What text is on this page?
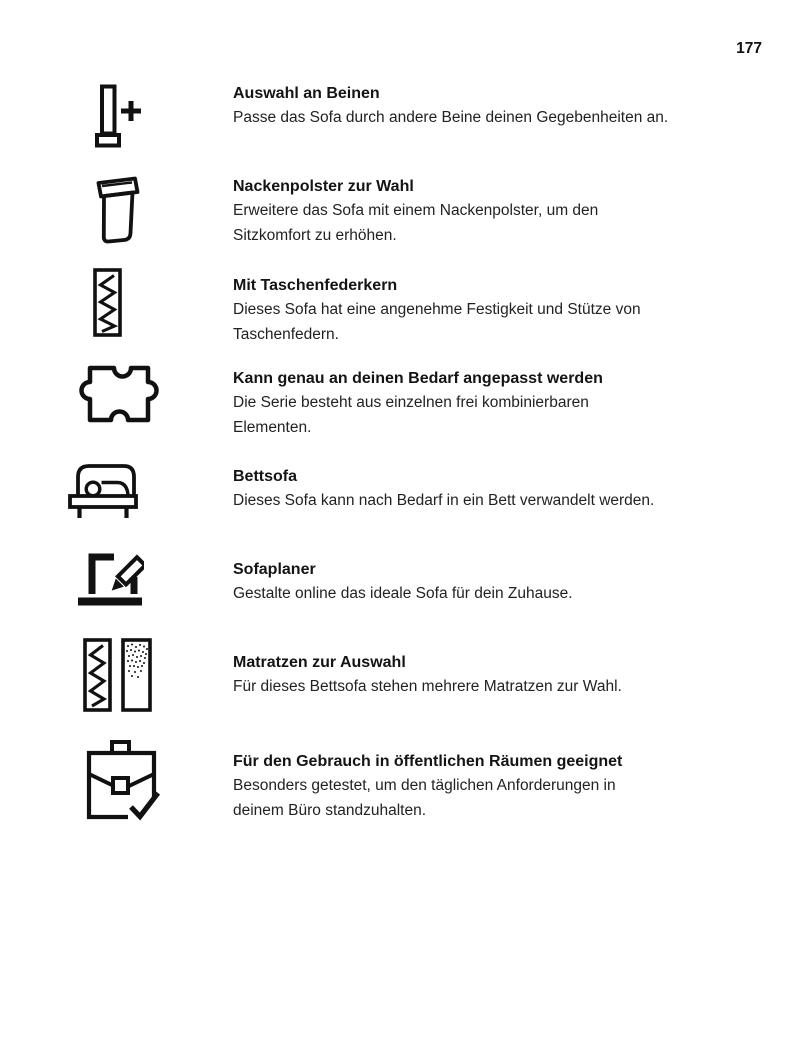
177
Auswahl an Beinen
Passe das Sofa durch andere Beine deinen Gegebenheiten an.
Nackenpolster zur Wahl
Erweitere das Sofa mit einem Nackenpolster, um den
Sitzkomfort zu erhöhen.
Mit Taschenfederkern
Dieses Sofa hat eine angenehme Festigkeit und Stütze von
Taschenfedern.
Kann genau an deinen Bedarf angepasst werden
Die Serie besteht aus einzelnen frei kombinierbaren
Elementen.
Bettsofa
Dieses Sofa kann nach Bedarf in ein Bett verwandelt werden.
Sofaplaner
Gestalte online das ideale Sofa für dein Zuhause.
Matratzen zur Auswahl
Für dieses Bettsofa stehen mehrere Matratzen zur Wahl.
Für den Gebrauch in öffentlichen Räumen geeignet
Besonders getestet, um den täglichen Anforderungen in
deinem Büro standzuhalten.
